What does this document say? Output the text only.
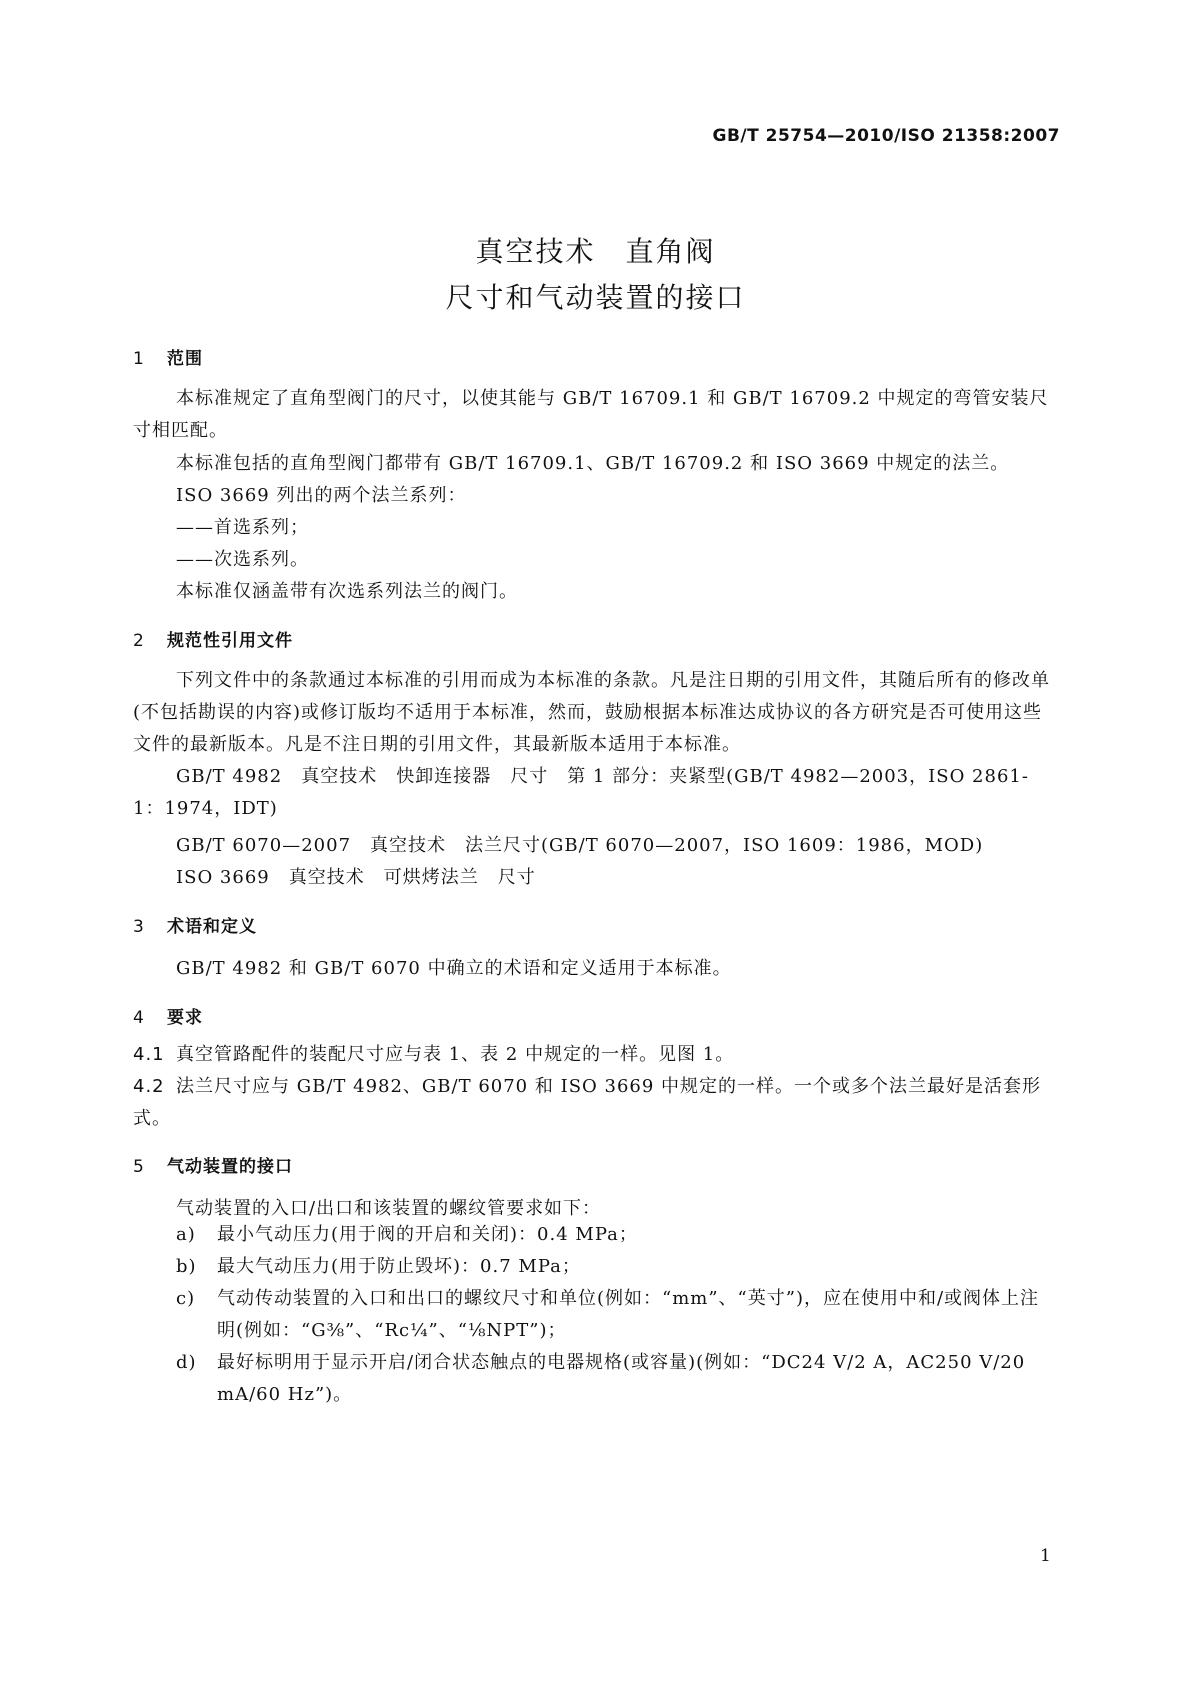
GB/T 25754—2010/ISO 21358:2007
真空技术　直角阀
尺寸和气动装置的接口
1 范围
本标准规定了直角型阀门的尺寸，以使其能与 GB/T 16709.1 和 GB/T 16709.2 中规定的弯管安装尺寸相匹配。
本标准包括的直角型阀门都带有 GB/T 16709.1、GB/T 16709.2 和 ISO 3669 中规定的法兰。
ISO 3669 列出的两个法兰系列：
——首选系列；
——次选系列。
本标准仅涵盖带有次选系列法兰的阀门。
2 规范性引用文件
下列文件中的条款通过本标准的引用而成为本标准的条款。凡是注日期的引用文件，其随后所有的修改单(不包括勘误的内容)或修订版均不适用于本标准，然而，鼓励根据本标准达成协议的各方研究是否可使用这些文件的最新版本。凡是不注日期的引用文件，其最新版本适用于本标准。
GB/T 4982　真空技术　快卸连接器　尺寸　第 1 部分：夹紧型(GB/T 4982—2003，ISO 2861-1：1974，IDT)
GB/T 6070—2007　真空技术　法兰尺寸(GB/T 6070—2007，ISO 1609：1986，MOD)
ISO 3669　真空技术　可烘烤法兰　尺寸
3 术语和定义
GB/T 4982 和 GB/T 6070 中确立的术语和定义适用于本标准。
4 要求
4.1 真空管路配件的装配尺寸应与表 1、表 2 中规定的一样。见图 1。
4.2 法兰尺寸应与 GB/T 4982、GB/T 6070 和 ISO 3669 中规定的一样。一个或多个法兰最好是活套形式。
5 气动装置的接口
气动装置的入口/出口和该装置的螺纹管要求如下：
a) 最小气动压力(用于阀的开启和关闭)：0.4 MPa；
b) 最大气动压力(用于防止毁坏)：0.7 MPa；
c) 气动传动装置的入口和出口的螺纹尺寸和单位(例如：“mm”、“英寸”)，应在使用中和/或阀体上注明(例如：“G⅜”、“Rc¼”、“⅛NPT”)；
d) 最好标明用于显示开启/闭合状态触点的电器规格(或容量)(例如：“DC24 V/2 A，AC250 V/20 mA/60 Hz”)。
1
